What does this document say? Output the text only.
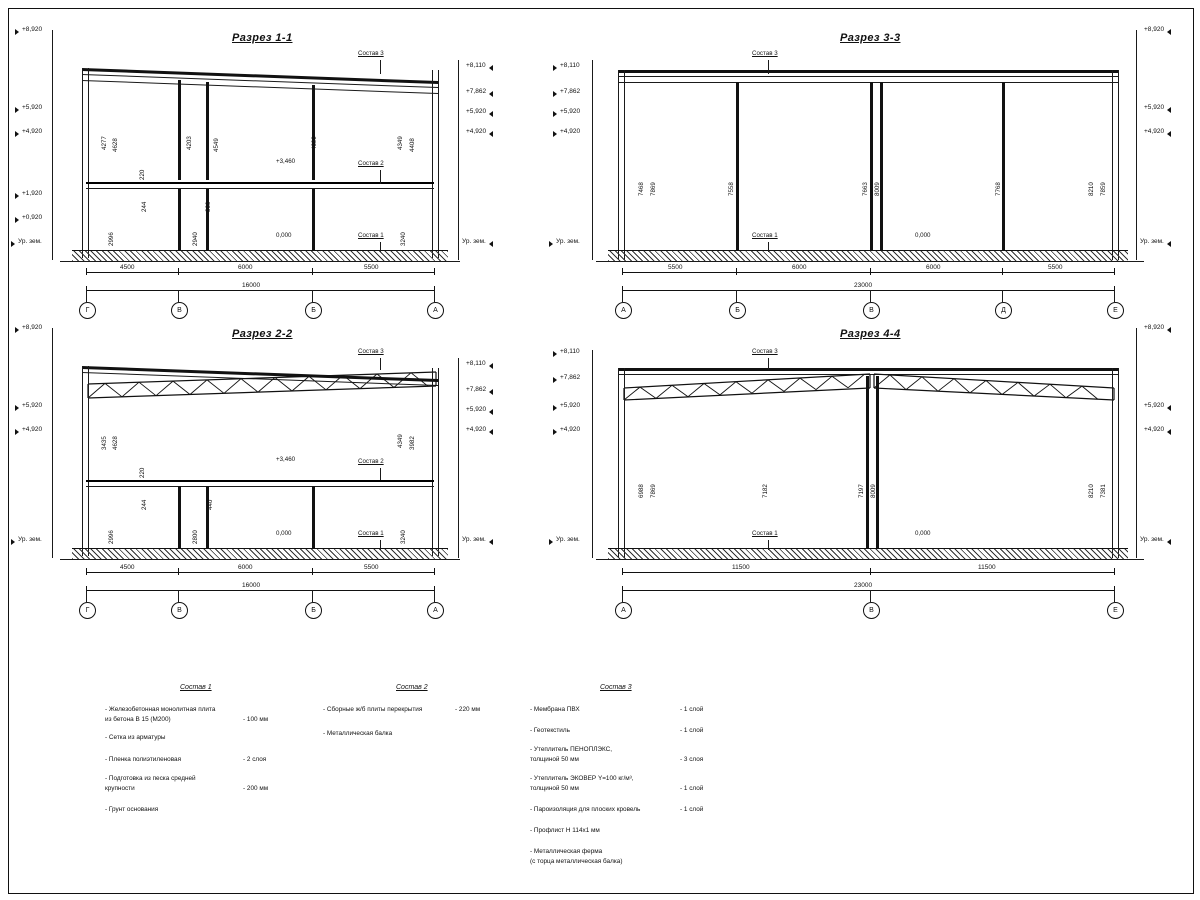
Разрез 1-1
+3,460
0,000
Состав 3
Состав 2
Состав 1
+8,920
+5,920
+4,920
+1,920
+0,920
Ур. зем.
+8,110
+7,862
+5,920
+4,920
Ур. зем.
4277 4628	4203	4549	4099	4349 4408
220
244	300
2996	2940	3240
4500	6000	5500
16000
Г	В	Б	А
Разрез 3-3
0,000
Состав 3
Состав 1
+8,110
+7,862
+5,920
+4,920
Ур. зем.
+8,920
+5,920
+4,920
Ур. зем.
7468 7869	7558	7663 8009	7768	8210 7859
5500	6000	6000	5500
23000
А	Б	В	Д	Е
Разрез 2-2
+3,460
0,000
Состав 3
Состав 2
Состав 1
+8,920
+5,920
+4,920
Ур. зем.
+8,110
+7,862
+5,920
+4,920
Ур. зем.
3435 4628	4349 3982
220
244	440
2996	2800	3240
4500	6000	5500
16000
Г	В	Б	А
Разрез 4-4
0,000
Состав 3
Состав 1
+8,110
+7,862
+5,920
+4,920
Ур. зем.
+8,920
+5,920
+4,920
Ур. зем.
6988 7869	7182	7197 8009	8210 7381
11500	11500
23000
А	В	Е
Состав 1
- Железобетонная монолитная плита
из бетона В 15 (М200)	- 100 мм
- Сетка из арматуры
- Пленка полиэтиленовая	- 2 слоя
- Подготовка из песка средней
крупности	- 200 мм
- Грунт основания
Состав 2
- Сборные ж/б плиты перекрытия	- 220 мм
- Металлическая балка
Состав 3
- Мембрана ПВХ	- 1 слой
- Геотекстиль	- 1 слой
- Утеплитель ПЕНОПЛЭКС,
толщиной 50 мм	- 3 слоя
- Утеплитель ЭКОВЕР Y=100 кг/м³,
толщиной 50 мм	- 1 слой
- Пароизоляция для плоских кровель	- 1 слой
- Профлист Н 114х1 мм
- Металлическая ферма
(с торца металлическая балка)
